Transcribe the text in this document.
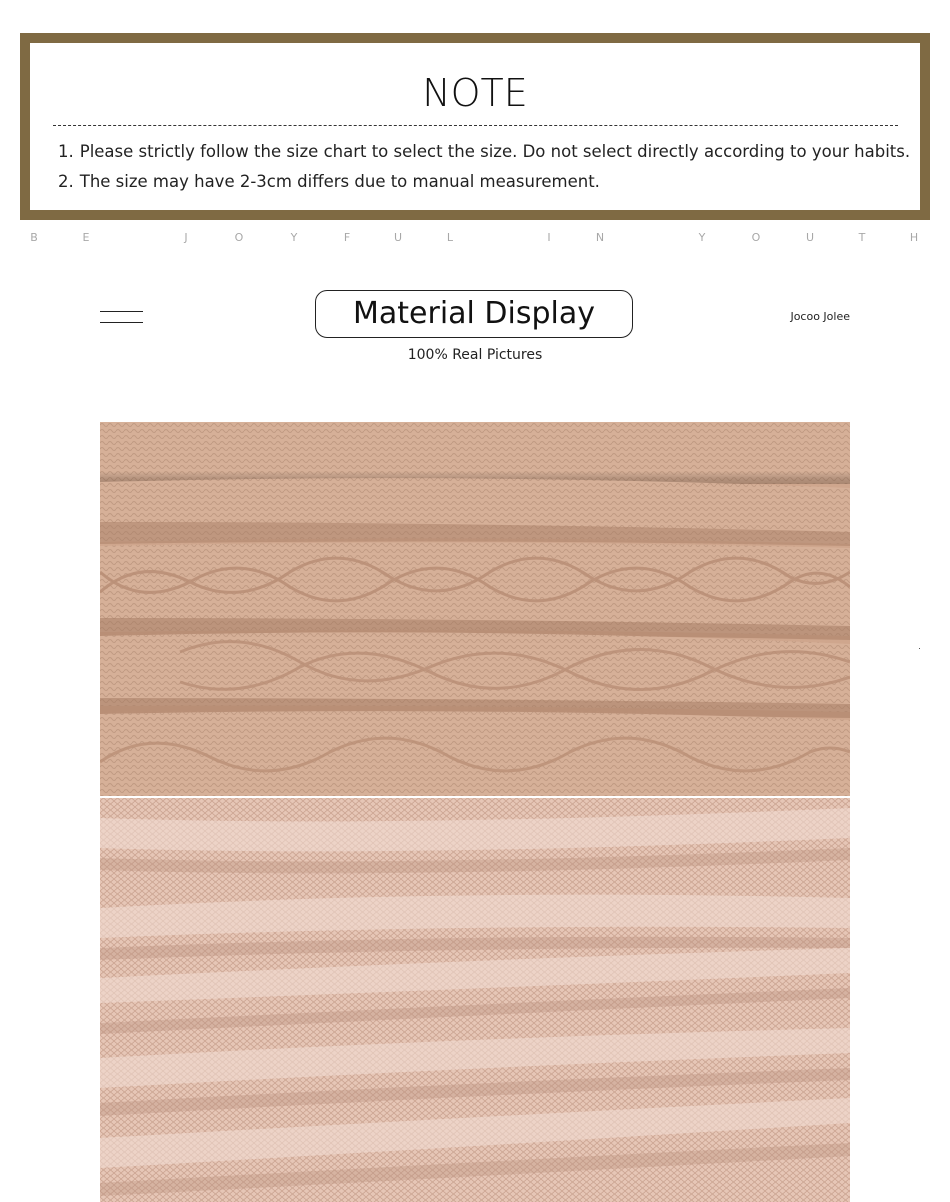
NOTE
1. Please strictly follow the size chart to select the size. Do not select directly according to your habits.
2. The size may have 2-3cm differs due to manual measurement.
B	E	J	O	Y	F	U	L	I	N	Y	O	U	T	H
Material Display
100% Real Pictures
Jocoo Jolee
